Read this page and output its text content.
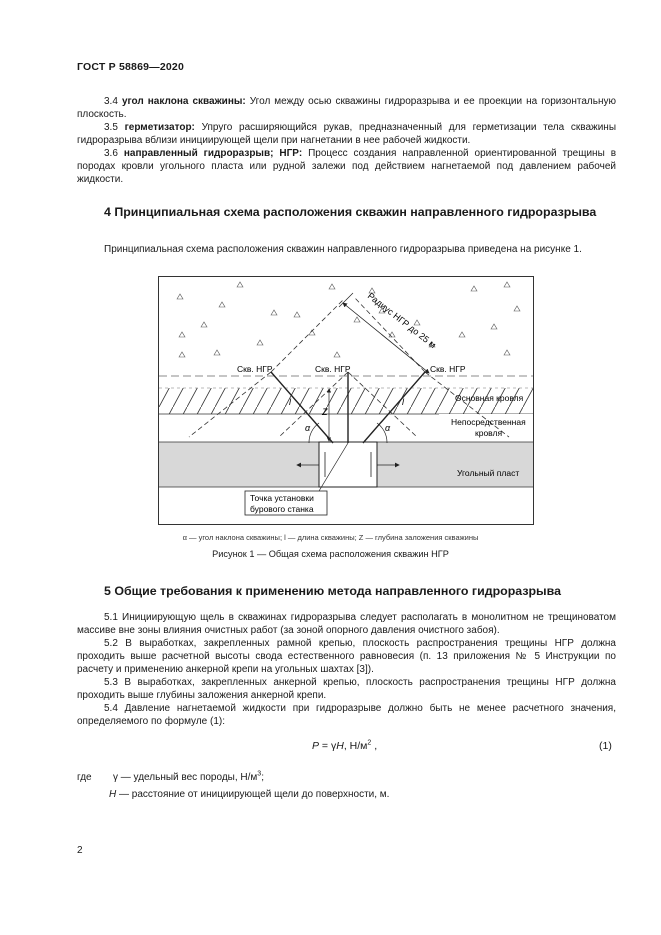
ГОСТ Р 58869—2020
3.4 угол наклона скважины: Угол между осью скважины гидроразрыва и ее проекции на горизонтальную плоскость.
3.5 герметизатор: Упруго расширяющийся рукав, предназначенный для герметизации тела скважины гидроразрыва вблизи инициирующей щели при нагнетании в нее рабочей жидкости.
3.6 направленный гидроразрыв; НГР: Процесс создания направленной ориентированной трещины в породах кровли угольного пласта или рудной залежи под действием нагнетаемой под давлением рабочей жидкости.
4 Принципиальная схема расположения скважин направленного гидроразрыва
Принципиальная схема расположения скважин направленного гидроразрыва приведена на рисунке 1.
Радиус НГР до 25 м
Скв. НГР	Скв. НГР	Скв. НГР
Основная кровля
Непосредственная
кровля
Угольный пласт
α	α
l	l
Z
Точка установки
бурового станка
α — угол наклона скважины; l — длина скважины; Z — глубина заложения скважины
Рисунок 1 — Общая схема расположения скважин НГР
5 Общие требования к применению метода направленного гидроразрыва
5.1 Инициирующую щель в скважинах гидроразрыва следует располагать в монолитном не трещиноватом массиве вне зоны влияния очистных работ (за зоной опорного давления очистного забоя).
5.2 В выработках, закрепленных рамной крепью, плоскость распространения трещины НГР должна проходить выше расчетной высоты свода естественного равновесия (п. 13 приложения № 5 Инструкции по расчету и применению анкерной крепи на угольных шахтах [3]).
5.3 В выработках, закрепленных анкерной крепью, плоскость распространения трещины НГР должна проходить выше глубины заложения анкерной крепи.
5.4 Давление нагнетаемой жидкости при гидроразрыве должно быть не менее расчетного значения, определяемого по формуле (1):
P = γH, $Н/м^2$ ,	(1)
где γ — удельный вес породы, $Н/м^3$;
H — расстояние от инициирующей щели до поверхности, м.
2
